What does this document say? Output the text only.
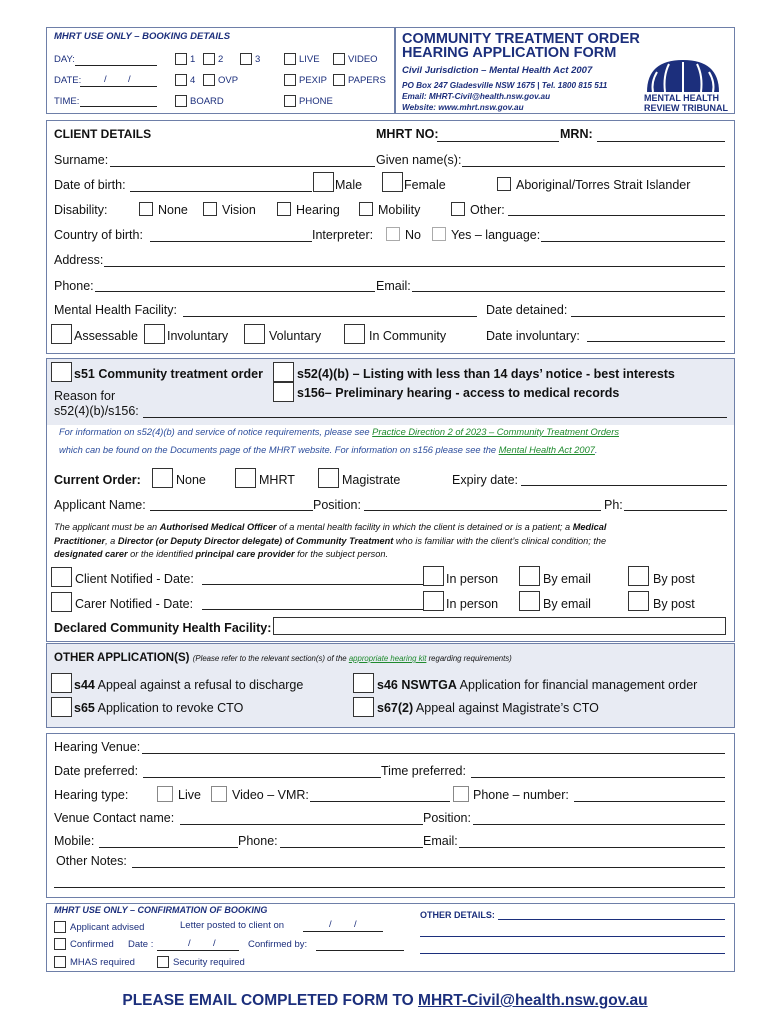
MHRT USE ONLY – BOOKING DETAILS
DAY:
DATE: / /
TIME:
1 2	3
4 OVP
BOARD
LIVE	VIDEO
PEXIP PAPERS
PHONE
COMMUNITY TREATMENT ORDER
HEARING APPLICATION FORM
Civil Jurisdiction – Mental Health Act 2007
PO Box 247 Gladesville NSW 1675 | Tel. 1800 815 511
Email: MHRT-Civil@health.nsw.gov.au
Website: www.mhrt.nsw.gov.au
MENTAL HEALTH
REVIEW TRIBUNAL
CLIENT DETAILS	MHRT NO:	MRN:
Surname:	Given name(s):
Date of birth:	Male	Female	Aboriginal/Torres Strait Islander
Disability:	None	Vision	Hearing	Mobility	Other:
Country of birth:	Interpreter:	No Yes – language:
Address:
Phone:	Email:
Mental Health Facility:	Date detained:
Assessable Involuntary	Voluntary	In Community	Date involuntary:
s51 Community treatment order	s52(4)(b) – Listing with less than 14 days’ notice - best interests
s156– Preliminary hearing - access to medical records
Reason for
s52(4)(b)/s156:
For information on s52(4)(b) and service of notice requirements, please see Practice Direction 2 of 2023 – Community Treatment Orders
which can be found on the Documents page of the MHRT website. For information on s156 please see the Mental Health Act 2007.
Current Order:	None	MHRT	Magistrate	Expiry date:
Applicant Name:	Position:	Ph:
The applicant must be an Authorised Medical Officer of a mental health facility in which the client is detained or is a patient; a Medical
Practitioner, a Director (or Deputy Director delegate) of Community Treatment who is familiar with the client’s clinical condition; the
designated carer or the identified principal care provider for the subject person.
Client Notified - Date:	In person	By email	By post
Carer Notified - Date:	In person	By email	By post
Declared Community Health Facility:
OTHER APPLICATION(S) (Please refer to the relevant section(s) of the appropriate hearing kit regarding requirements)
s44 Appeal against a refusal to discharge	s46 NSWTGA Application for financial management order
s65 Application to revoke CTO	s67(2) Appeal against Magistrate’s CTO
Hearing Venue:
Date preferred:	Time preferred:
Hearing type:	Live Video – VMR:	Phone – number:
Venue Contact name:	Position:
Mobile:	Phone:	Email:
Other Notes:
MHRT USE ONLY – CONFIRMATION OF BOOKING
Applicant advised	Letter posted to client on	/ /
Confirmed Date :	/ /	Confirmed by:
MHAS required	Security required
OTHER DETAILS:
PLEASE EMAIL COMPLETED FORM TO MHRT-Civil@health.nsw.gov.au
